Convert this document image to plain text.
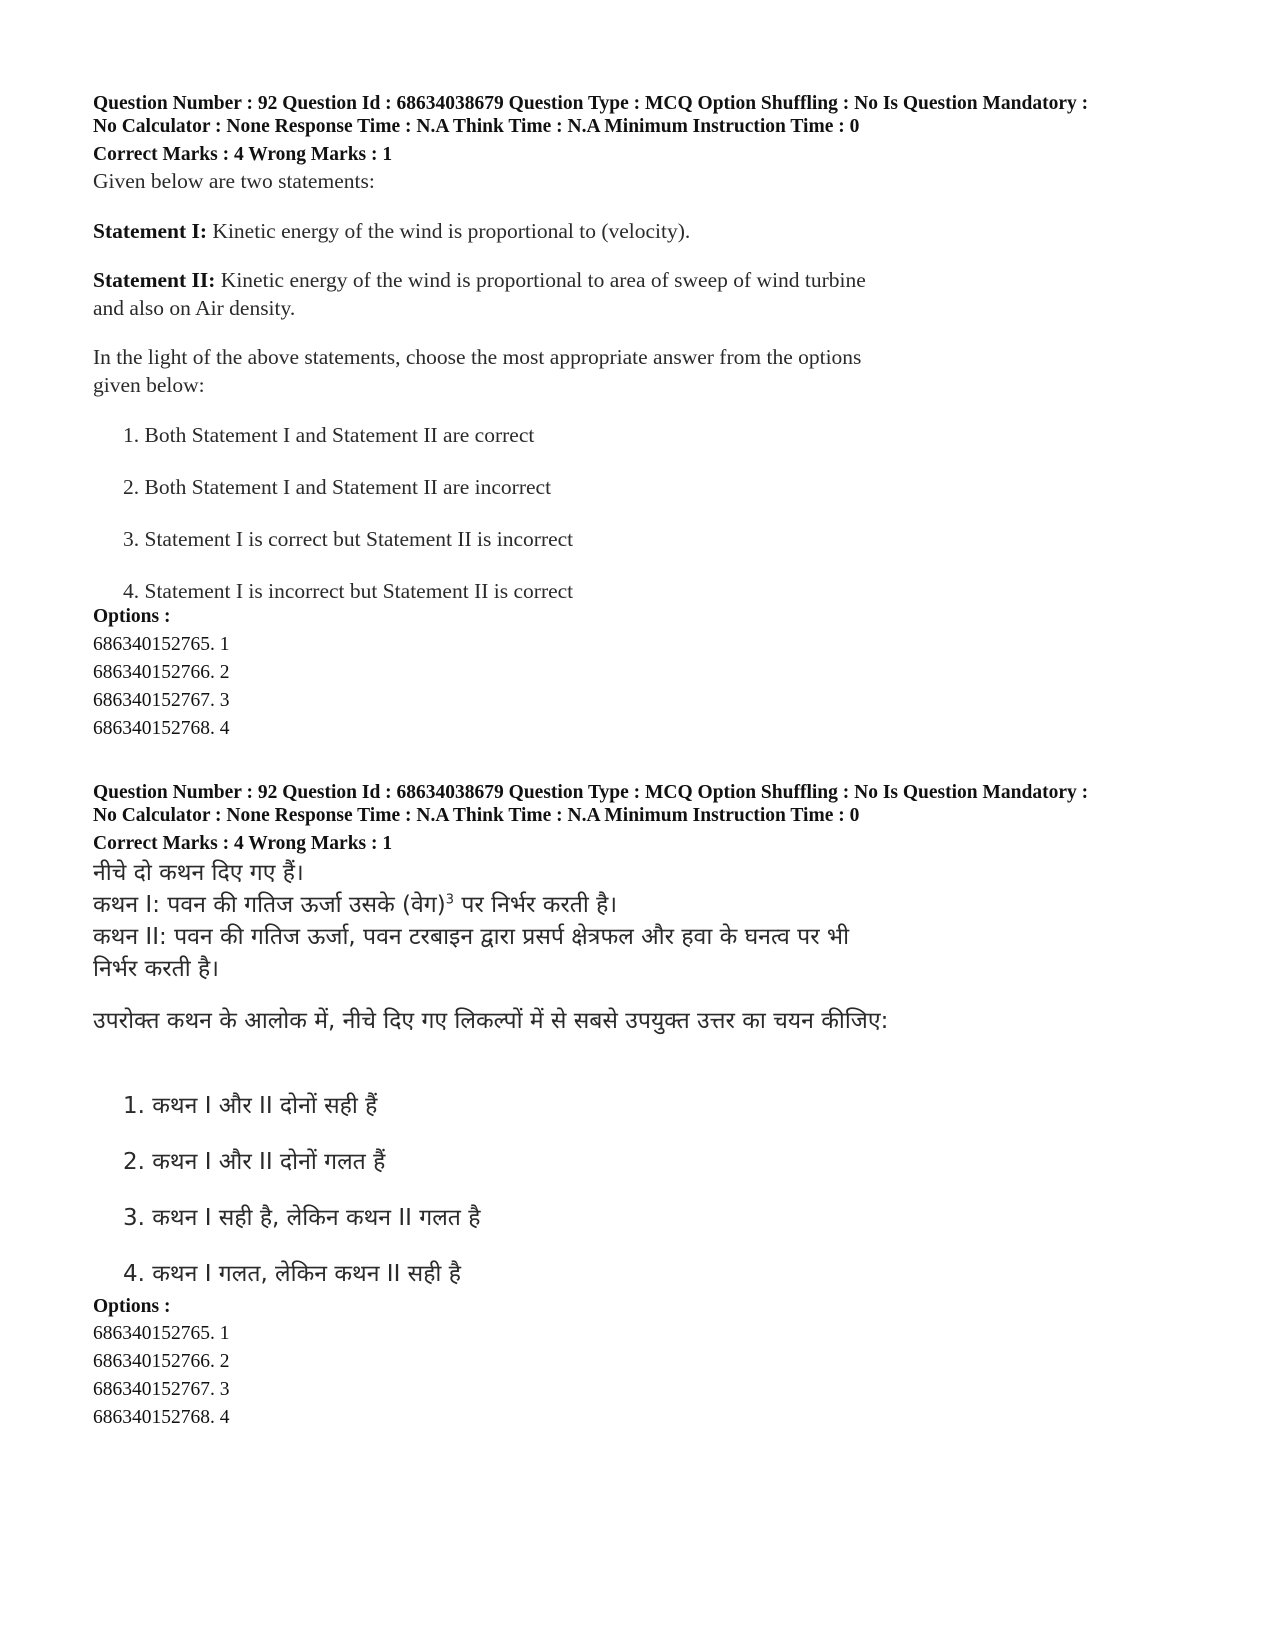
Question Number : 92 Question Id : 68634038679 Question Type : MCQ Option Shuffling : No Is Question Mandatory :
No Calculator : None Response Time : N.A Think Time : N.A Minimum Instruction Time : 0
Correct Marks : 4 Wrong Marks : 1
Given below are two statements:
Statement I: Kinetic energy of the wind is proportional to (velocity).
Statement II: Kinetic energy of the wind is proportional to area of sweep of wind turbine and also on Air density.
In the light of the above statements, choose the most appropriate answer from the options given below:
1. Both Statement I and Statement II are correct
2. Both Statement I and Statement II are incorrect
3. Statement I is correct but Statement II is incorrect
4. Statement I is incorrect but Statement II is correct
Options :
686340152765. 1
686340152766. 2
686340152767. 3
686340152768. 4
Question Number : 92 Question Id : 68634038679 Question Type : MCQ Option Shuffling : No Is Question Mandatory :
No Calculator : None Response Time : N.A Think Time : N.A Minimum Instruction Time : 0
Correct Marks : 4 Wrong Marks : 1
नीचे दो कथन दिए गए हैं।
कथन I: पवन की गतिज ऊर्जा उसके (वेग)$^3$ पर निर्भर करती है।
कथन II: पवन की गतिज ऊर्जा, पवन टरबाइन द्वारा प्रसर्प क्षेत्रफल और हवा के घनत्व पर भी निर्भर करती है।
उपरोक्त कथन के आलोक में, नीचे दिए गए लिकल्पों में से सबसे उपयुक्त उत्तर का चयन कीजिए:
1. कथन I और II दोनों सही हैं
2. कथन I और II दोनों गलत हैं
3. कथन I सही है, लेकिन कथन II गलत है
4. कथन I गलत, लेकिन कथन II सही है
Options :
686340152765. 1
686340152766. 2
686340152767. 3
686340152768. 4
